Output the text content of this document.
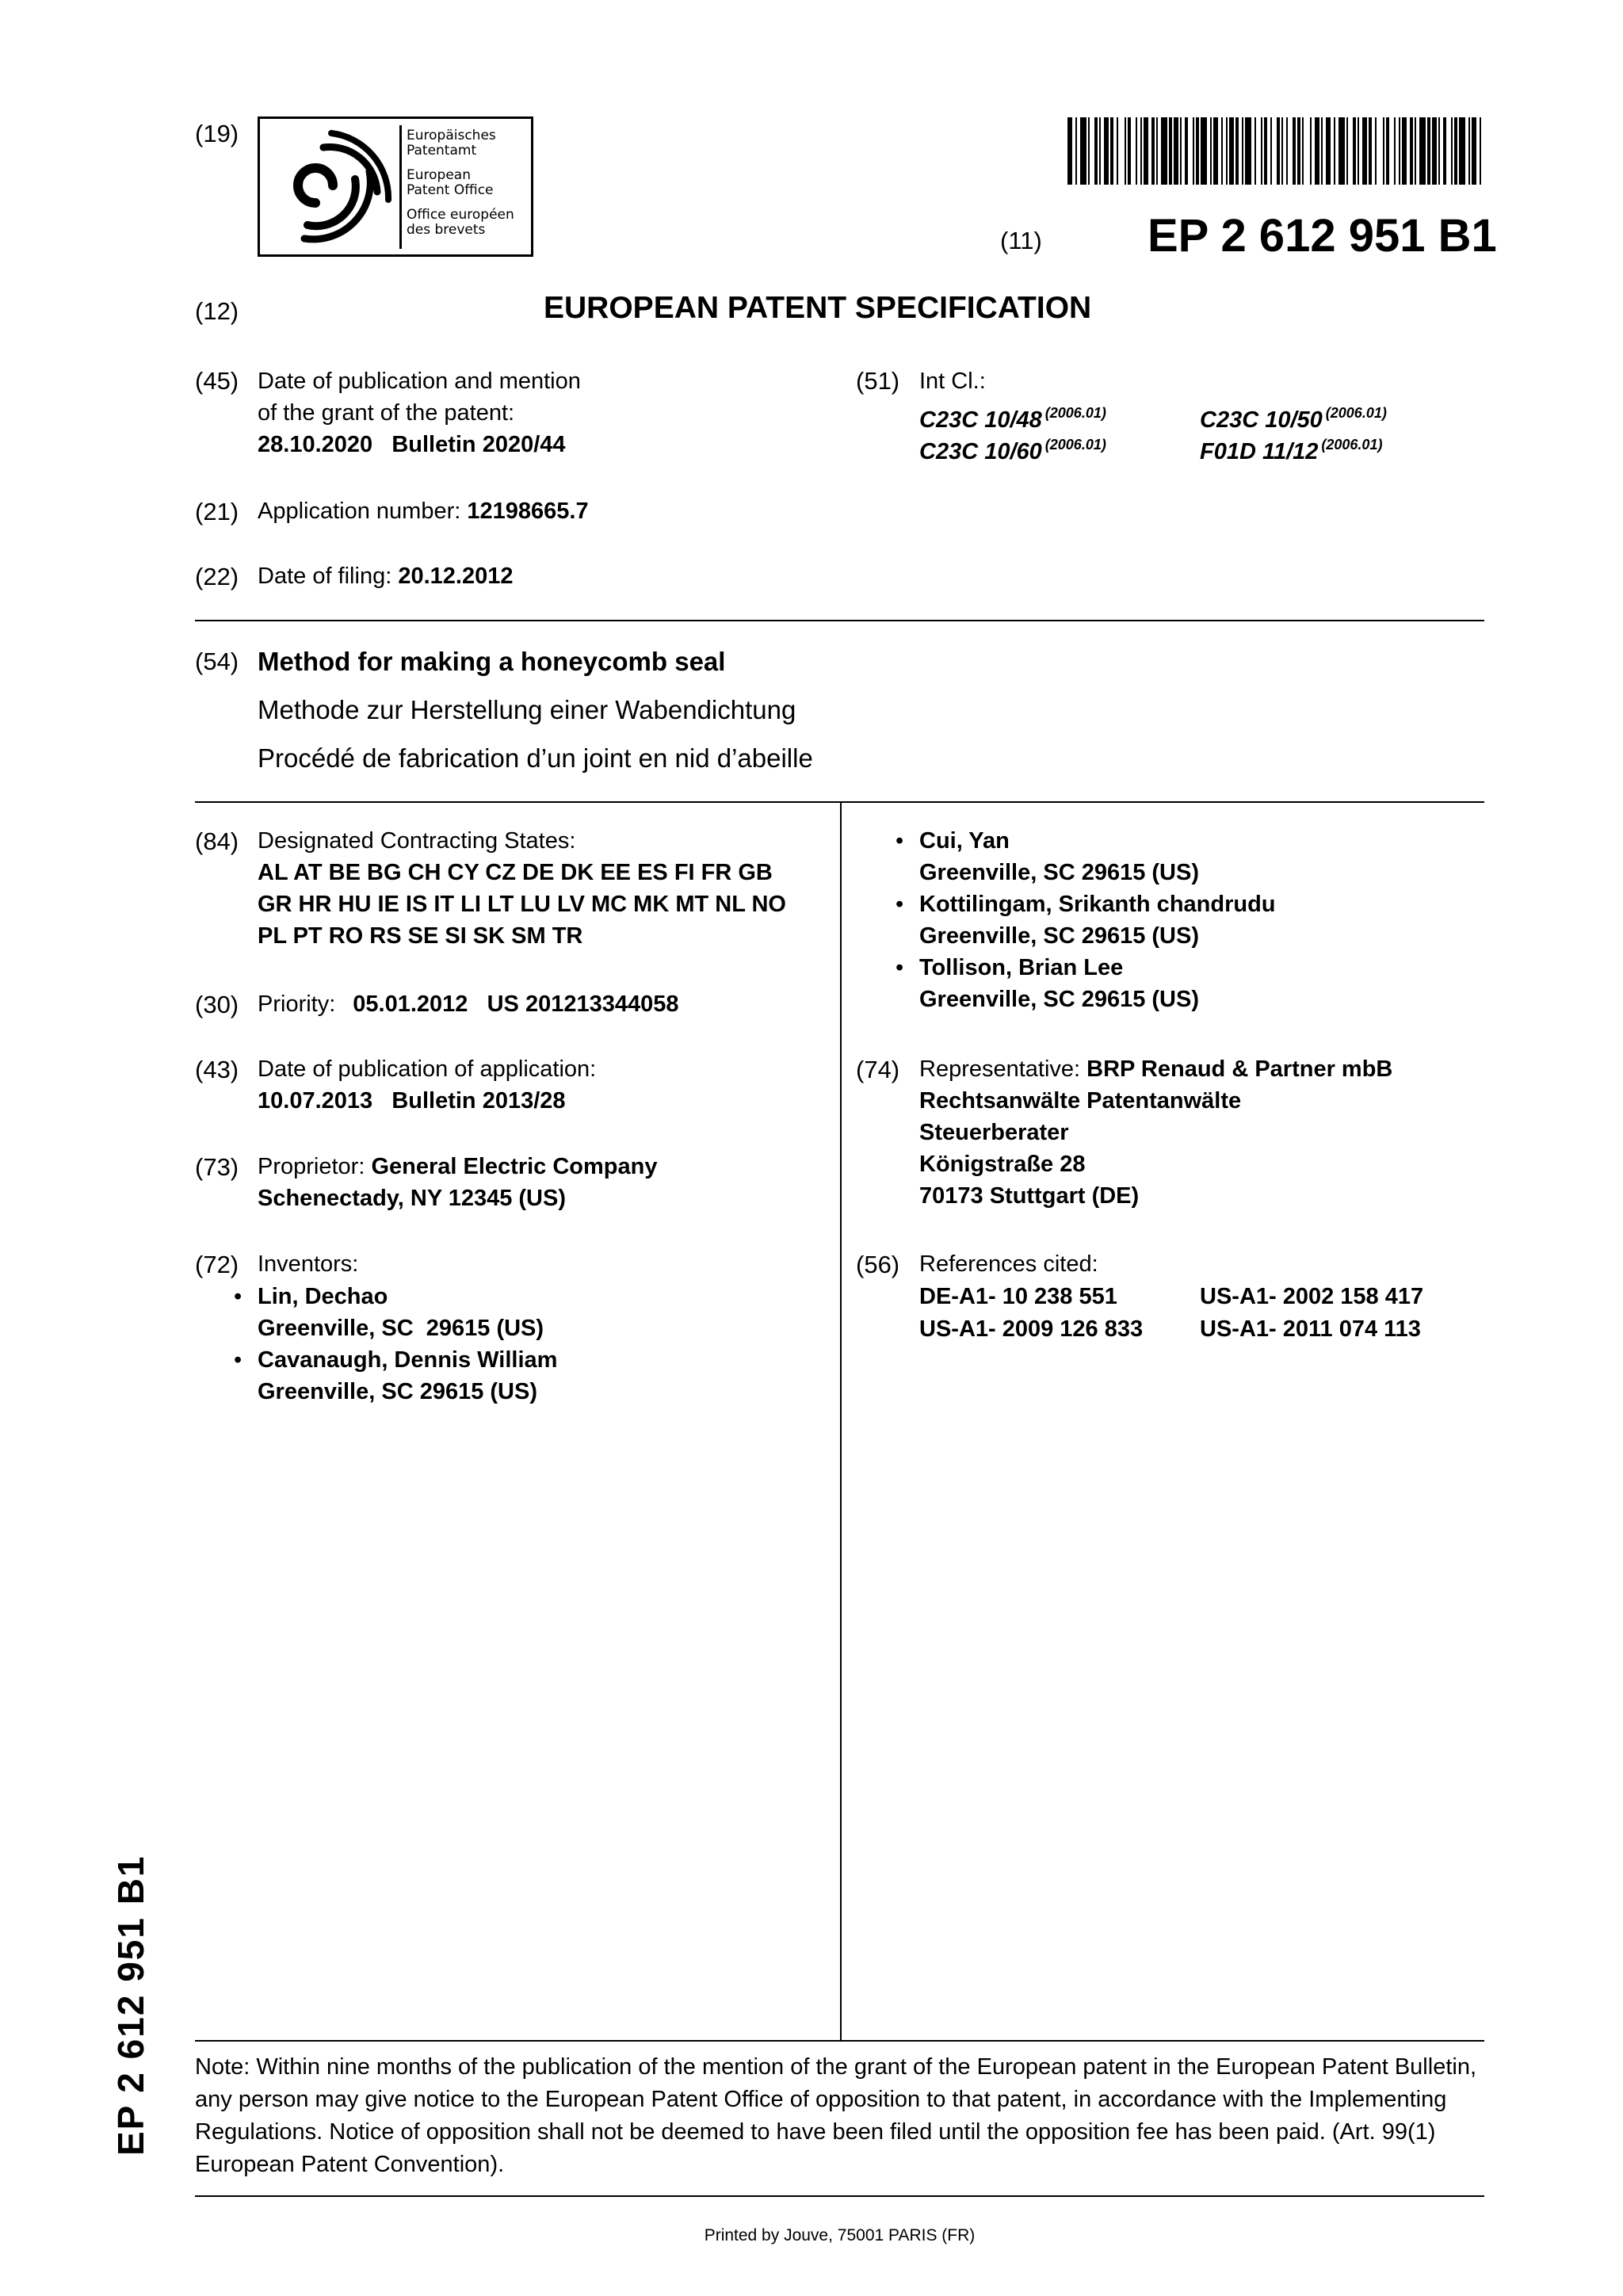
(19)	Europäisches
Patentamt
European
Patent Office
Office européen
des brevets	(11) EP 2 612 951 B1
(12)	EUROPEAN PATENT SPECIFICATION
(45) Date of publication and mention
of the grant of the patent:
28.10.2020   Bulletin 2020/44
(51) Int Cl.:
C23C 10/48 $^{(2006.01)}$	C23C 10/50 $^{(2006.01)}$
C23C 10/60 $^{(2006.01)}$	F01D 11/12 $^{(2006.01)}$
(21) Application number: 12198665.7
(22) Date of filing: 20.12.2012
(54) Method for making a honeycomb seal
Methode zur Herstellung einer Wabendichtung
Procédé de fabrication d’un joint en nid d’abeille
(84) Designated Contracting States:
AL AT BE BG CH CY CZ DE DK EE ES FI FR GB
GR HR HU IE IS IT LI LT LU LV MC MK MT NL NO
PL PT RO RS SE SI SK SM TR
(30) Priority: 05.01.2012   US 201213344058
(43) Date of publication of application:
10.07.2013   Bulletin 2013/28
(73) Proprietor: General Electric Company
Schenectady, NY 12345 (US)
(72) Inventors:
• Lin, Dechao
Greenville, SC  29615 (US)
• Cavanaugh, Dennis William
Greenville, SC 29615 (US)
• Cui, Yan
Greenville, SC 29615 (US)
• Kottilingam, Srikanth chandrudu
Greenville, SC 29615 (US)
• Tollison, Brian Lee
Greenville, SC 29615 (US)
(74) Representative: BRP Renaud & Partner mbB
Rechtsanwälte Patentanwälte
Steuerberater
Königstraße 28
70173 Stuttgart (DE)
(56) References cited:
DE-A1- 10 238 551	US-A1- 2002 158 417
US-A1- 2009 126 833 US-A1- 2011 074 113
Note: Within nine months of the publication of the mention of the grant of the European patent in the European Patent Bulletin, any person may give notice to the European Patent Office of opposition to that patent, in accordance with the Implementing Regulations. Notice of opposition shall not be deemed to have been filed until the opposition fee has been paid. (Art. 99(1) European Patent Convention).
Printed by Jouve, 75001 PARIS (FR)
EP 2 612 951 B1
